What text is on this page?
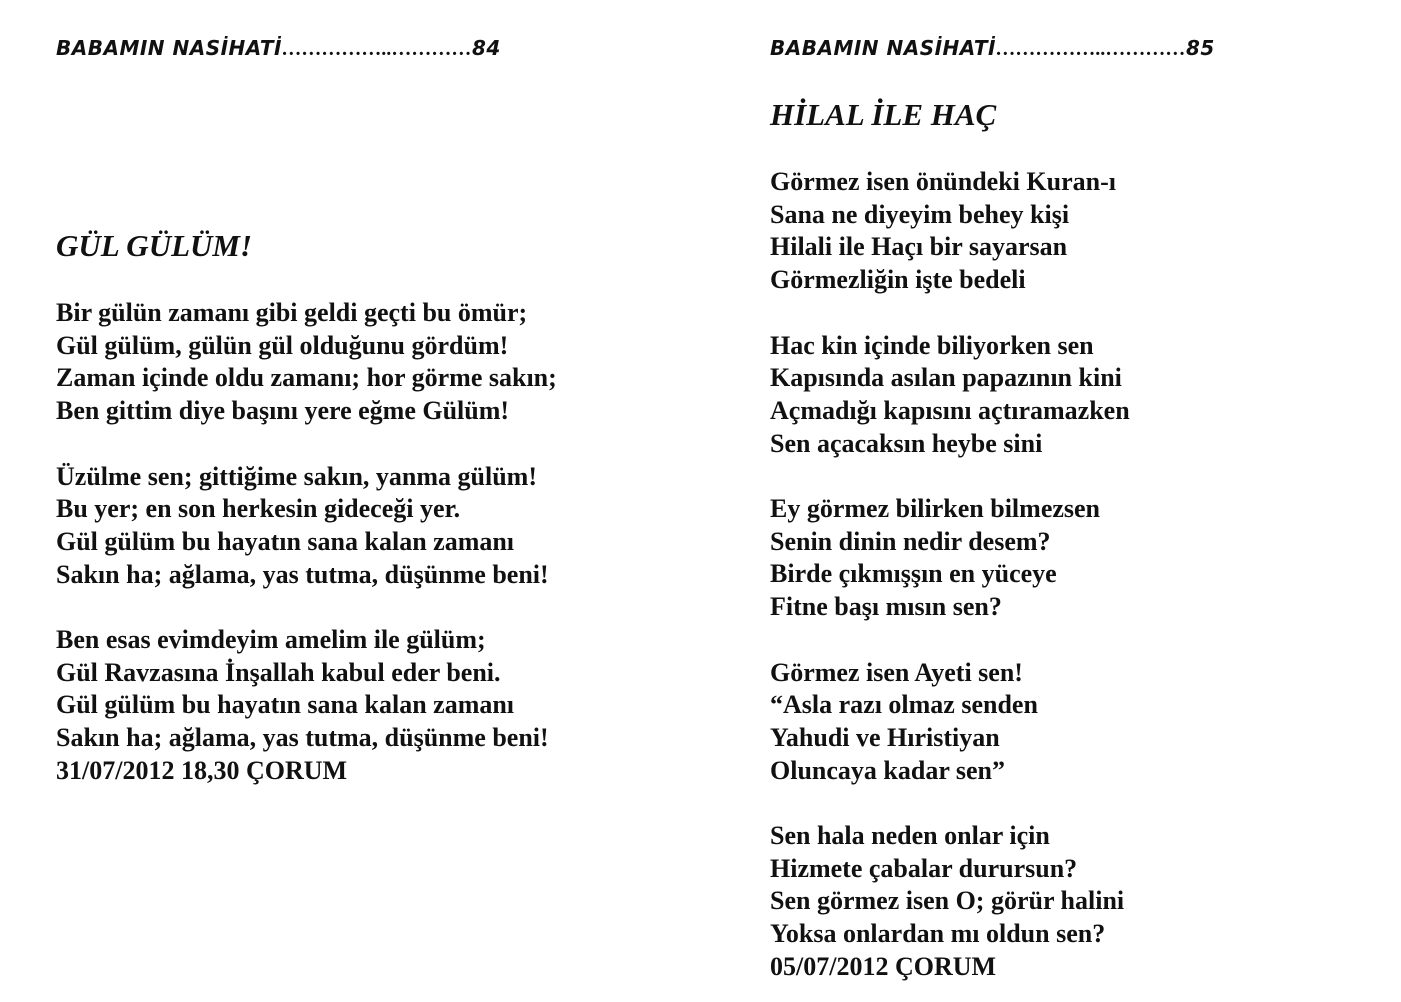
BABAMIN NASİHATİ……………..…………84
GÜL GÜLÜM!
Bir gülün zamanı gibi geldi geçti bu ömür;
Gül gülüm, gülün gül olduğunu gördüm!
Zaman içinde oldu zamanı; hor görme sakın;
Ben gittim diye başını yere eğme Gülüm!
Üzülme sen; gittiğime sakın, yanma gülüm!
Bu yer; en son herkesin gideceği yer.
Gül gülüm bu hayatın sana kalan zamanı
Sakın ha; ağlama, yas tutma, düşünme beni!
Ben esas evimdeyim amelim ile gülüm;
Gül Ravzasına İnşallah kabul eder beni.
Gül gülüm bu hayatın sana kalan zamanı
Sakın ha; ağlama, yas tutma, düşünme beni!
31/07/2012 18,30 ÇORUM
BABAMIN NASİHATİ……………..…………85
HİLAL İLE HAÇ
Görmez isen önündeki Kuran-ı
Sana ne diyeyim behey kişi
Hilali ile Haçı bir sayarsan
Görmezliğin işte bedeli
Hac kin içinde biliyorken sen
Kapısında asılan papazının kini
Açmadığı kapısını açtıramazken
Sen açacaksın heybe sini
Ey görmez bilirken bilmezsen
Senin dinin nedir desem?
Birde çıkmışşın en yüceye
Fitne başı mısın sen?
Görmez isen Ayeti sen!
“Asla razı olmaz senden
Yahudi ve Hıristiyan
Oluncaya kadar sen”
Sen hala neden onlar için
Hizmete çabalar durursun?
Sen görmez isen O; görür halini
Yoksa onlardan mı oldun sen?
05/07/2012 ÇORUM
